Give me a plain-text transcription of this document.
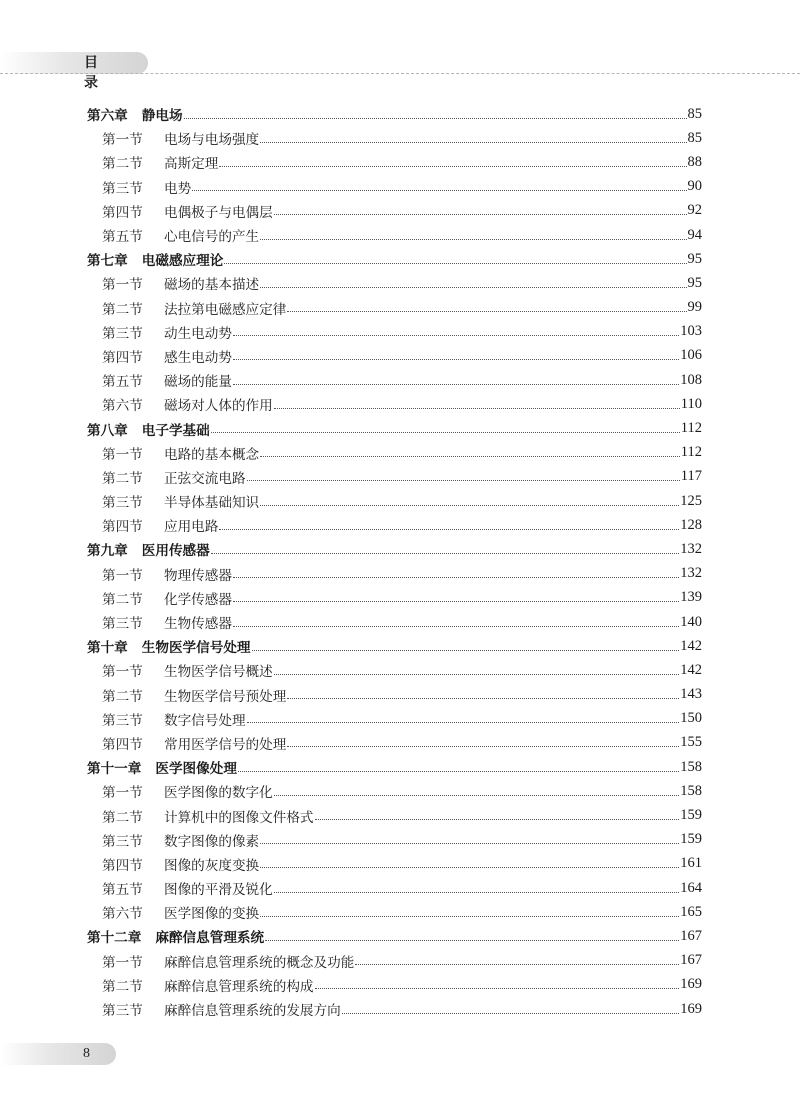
目 录
第六章 静电场	85
第一节	电场与电场强度	85
第二节	高斯定理	88
第三节	电势	90
第四节	电偶极子与电偶层	92
第五节	心电信号的产生	94
第七章 电磁感应理论	95
第一节	磁场的基本描述	95
第二节	法拉第电磁感应定律	99
第三节	动生电动势	103
第四节	感生电动势	106
第五节	磁场的能量	108
第六节	磁场对人体的作用	110
第八章 电子学基础	112
第一节	电路的基本概念	112
第二节	正弦交流电路	117
第三节	半导体基础知识	125
第四节	应用电路	128
第九章 医用传感器	132
第一节	物理传感器	132
第二节	化学传感器	139
第三节	生物传感器	140
第十章 生物医学信号处理	142
第一节	生物医学信号概述	142
第二节	生物医学信号预处理	143
第三节	数字信号处理	150
第四节	常用医学信号的处理	155
第十一章 医学图像处理	158
第一节	医学图像的数字化	158
第二节	计算机中的图像文件格式	159
第三节	数字图像的像素	159
第四节	图像的灰度变换	161
第五节	图像的平滑及锐化	164
第六节	医学图像的变换	165
第十二章 麻醉信息管理系统	167
第一节	麻醉信息管理系统的概念及功能	167
第二节	麻醉信息管理系统的构成	169
第三节	麻醉信息管理系统的发展方向	169
8
